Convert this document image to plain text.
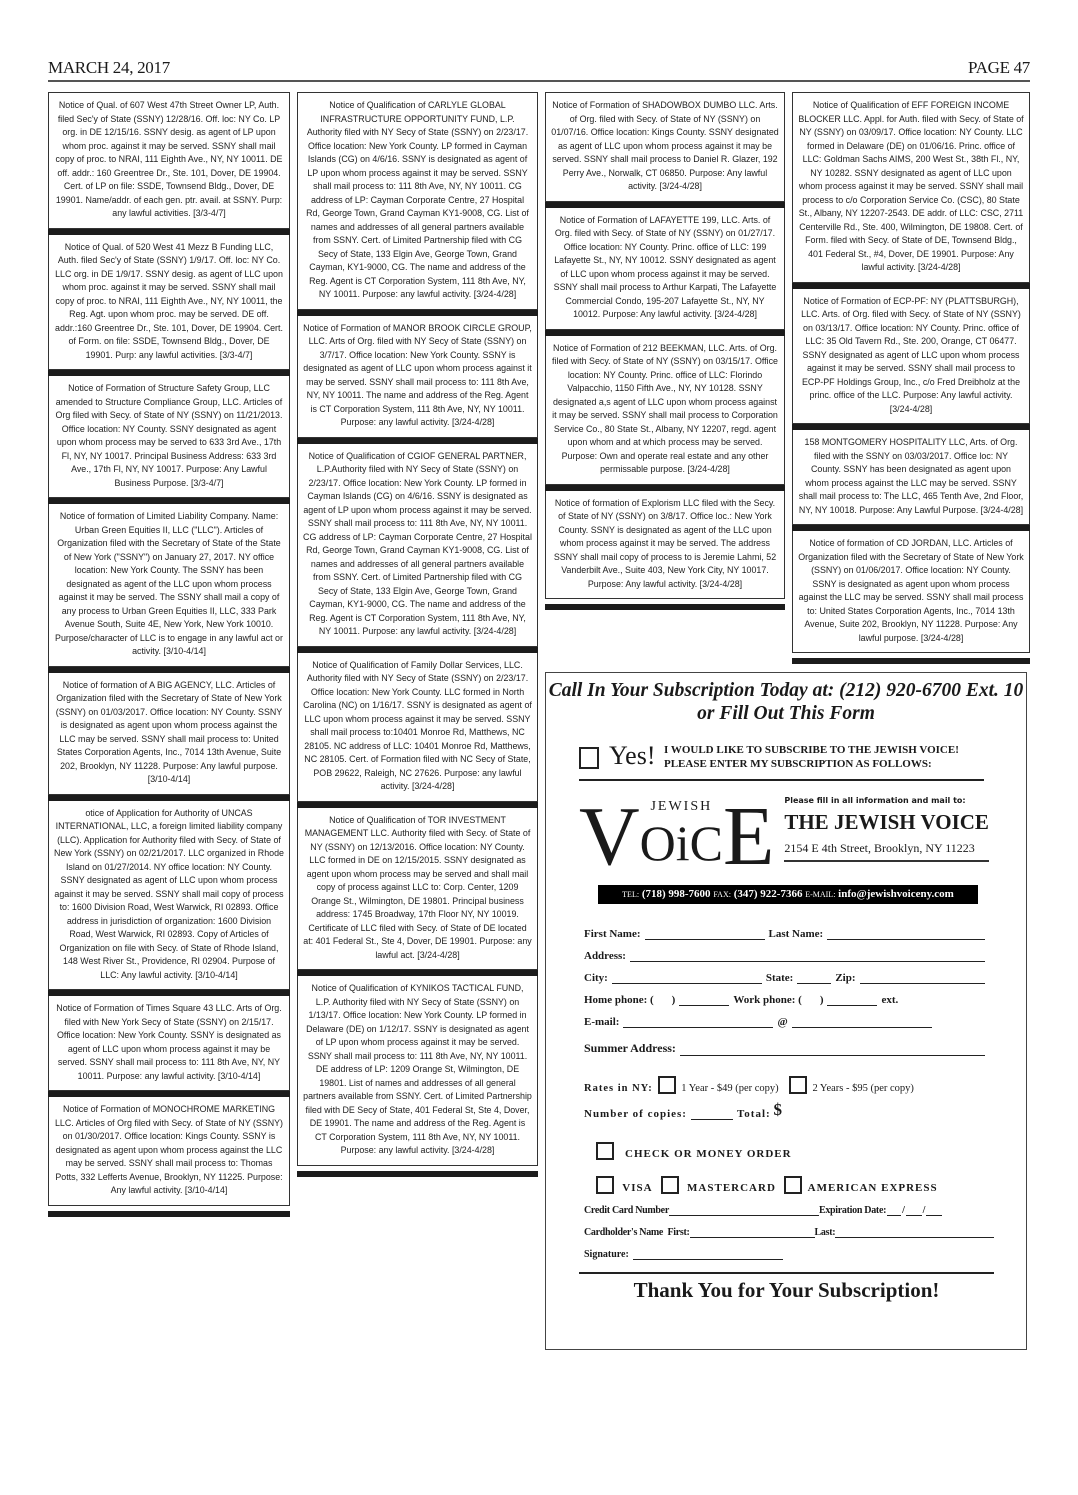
MARCH 24, 2017	PAGE 47
Notice of Qual. of 607 West 47th Street Owner LP, Auth. filed Sec'y of State (SSNY) 12/28/16. Off. loc: NY Co. LP org. in DE 12/15/16. SSNY desig. as agent of LP upon whom proc. against it may be served. SSNY shall mail copy of proc. to NRAI, 111 Eighth Ave., NY, NY 10011. DE off. addr.: 160 Greentree Dr., Ste. 101, Dover, DE 19904. Cert. of LP on file: SSDE, Townsend Bldg., Dover, DE 19901. Name/addr. of each gen. ptr. avail. at SSNY. Purp: any lawful activities. [3/3-4/7]
Notice of Qual. of 520 West 41 Mezz B Funding LLC, Auth. filed Sec'y of State (SSNY) 1/9/17. Off. loc: NY Co. LLC org. in DE 1/9/17. SSNY desig. as agent of LLC upon whom proc. against it may be served. SSNY shall mail copy of proc. to NRAI, 111 Eighth Ave., NY, NY 10011, the Reg. Agt. upon whom proc. may be served. DE off. addr.:160 Greentree Dr., Ste. 101, Dover, DE 19904. Cert. of Form. on file: SSDE, Townsend Bldg., Dover, DE 19901. Purp: any lawful activities. [3/3-4/7]
Notice of Formation of Structure Safety Group, LLC amended to Structure Compliance Group, LLC. Articles of Org filed with Secy. of State of NY (SSNY) on 11/21/2013. Office location: NY County. SSNY designated as agent upon whom process may be served to 633 3rd Ave., 17th Fl, NY, NY 10017. Principal Business Address: 633 3rd Ave., 17th Fl, NY, NY 10017. Purpose: Any Lawful Business Purpose. [3/3-4/7]
Notice of formation of Limited Liability Company. Name: Urban Green Equities II, LLC ("LLC"). Articles of Organization filed with the Secretary of State of the State of New York ("SSNY") on January 27, 2017. NY office location: New York County. The SSNY has been designated as agent of the LLC upon whom process against it may be served. The SSNY shall mail a copy of any process to Urban Green Equities II, LLC, 333 Park Avenue South, Suite 4E, New York, New York 10010. Purpose/character of LLC is to engage in any lawful act or activity. [3/10-4/14]
Notice of formation of A BIG AGENCY, LLC. Articles of Organization filed with the Secretary of State of New York (SSNY) on 01/03/2017. Office location: NY County. SSNY is designated as agent upon whom process against the LLC may be served. SSNY shall mail process to: United States Corporation Agents, Inc., 7014 13th Avenue, Suite 202, Brooklyn, NY 11228. Purpose: Any lawful purpose. [3/10-4/14]
otice of Application for Authority of UNCAS INTERNATIONAL, LLC, a foreign limited liability company (LLC). Application for Authority filed with Secy. of State of New York (SSNY) on 02/21/2017. LLC organized in Rhode Island on 01/27/2014. NY office location: NY County. SSNY designated as agent of LLC upon whom process against it may be served. SSNY shall mail copy of process to: 1600 Division Road, West Warwick, RI 02893. Office address in jurisdiction of organization: 1600 Division Road, West Warwick, RI 02893. Copy of Articles of Organization on file with Secy. of State of Rhode Island, 148 West River St., Providence, RI 02904. Purpose of LLC: Any lawful activity. [3/10-4/14]
Notice of Formation of Times Square 43 LLC. Arts of Org. filed with New York Secy of State (SSNY) on 2/15/17. Office location: New York County. SSNY is designated as agent of LLC upon whom process against it may be served. SSNY shall mail process to: 111 8th Ave, NY, NY 10011. Purpose: any lawful activity. [3/10-4/14]
Notice of Formation of MONOCHROME MARKETING LLC. Articles of Org filed with Secy. of State of NY (SSNY) on 01/30/2017. Office location: Kings County. SSNY is designated as agent upon whom process against the LLC may be served. SSNY shall mail process to: Thomas Potts, 332 Lefferts Avenue, Brooklyn, NY 11225. Purpose: Any lawful activity. [3/10-4/14]
Notice of Qualification of CARLYLE GLOBAL INFRASTRUCTURE OPPORTUNITY FUND, L.P. Authority filed with NY Secy of State (SSNY) on 2/23/17. Office location: New York County. LP formed in Cayman Islands (CG) on 4/6/16. SSNY is designated as agent of LP upon whom process against it may be served. SSNY shall mail process to: 111 8th Ave, NY, NY 10011. CG address of LP: Cayman Corporate Centre, 27 Hospital Rd, George Town, Grand Cayman KY1-9008, CG. List of names and addresses of all general partners available from SSNY. Cert. of Limited Partnership filed with CG Secy of State, 133 Elgin Ave, George Town, Grand Cayman, KY1-9000, CG. The name and address of the Reg. Agent is CT Corporation System, 111 8th Ave, NY, NY 10011. Purpose: any lawful activity. [3/24-4/28]
Notice of Formation of MANOR BROOK CIRCLE GROUP, LLC. Arts of Org. filed with NY Secy of State (SSNY) on 3/7/17. Office location: New York County. SSNY is designated as agent of LLC upon whom process against it may be served. SSNY shall mail process to: 111 8th Ave, NY, NY 10011. The name and address of the Reg. Agent is CT Corporation System, 111 8th Ave, NY, NY 10011. Purpose: any lawful activity. [3/24-4/28]
Notice of Qualification of CGIOF GENERAL PARTNER, L.P.Authority filed with NY Secy of State (SSNY) on 2/23/17. Office location: New York County. LP formed in Cayman Islands (CG) on 4/6/16. SSNY is designated as agent of LP upon whom process against it may be served. SSNY shall mail process to: 111 8th Ave, NY, NY 10011. CG address of LP: Cayman Corporate Centre, 27 Hospital Rd, George Town, Grand Cayman KY1-9008, CG. List of names and addresses of all general partners available from SSNY. Cert. of Limited Partnership filed with CG Secy of State, 133 Elgin Ave, George Town, Grand Cayman, KY1-9000, CG. The name and address of the Reg. Agent is CT Corporation System, 111 8th Ave, NY, NY 10011. Purpose: any lawful activity. [3/24-4/28]
Notice of Qualification of Family Dollar Services, LLC. Authority filed with NY Secy of State (SSNY) on 2/23/17. Office location: New York County. LLC formed in North Carolina (NC) on 1/16/17. SSNY is designated as agent of LLC upon whom process against it may be served. SSNY shall mail process to:10401 Monroe Rd, Matthews, NC 28105. NC address of LLC: 10401 Monroe Rd, Matthews, NC 28105. Cert. of Formation filed with NC Secy of State, POB 29622, Raleigh, NC 27626. Purpose: any lawful activity. [3/24-4/28]
Notice of Qualification of TOR INVESTMENT MANAGEMENT LLC. Authority filed with Secy. of State of NY (SSNY) on 12/13/2016. Office location: NY County. LLC formed in DE on 12/15/2015. SSNY designated as agent upon whom process may be served and shall mail copy of process against LLC to: Corp. Center, 1209 Orange St., Wilmington, DE 19801. Principal business address: 1745 Broadway, 17th Floor NY, NY 10019. Certificate of LLC filed with Secy. of State of DE located at: 401 Federal St., Ste 4, Dover, DE 19901. Purpose: any lawful act. [3/24-4/28]
Notice of Qualification of KYNIKOS TACTICAL FUND, L.P. Authority filed with NY Secy of State (SSNY) on 1/13/17. Office location: New York County. LP formed in Delaware (DE) on 1/12/17. SSNY is designated as agent of LP upon whom process against it may be served. SSNY shall mail process to: 111 8th Ave, NY, NY 10011. DE address of LP: 1209 Orange St, Wilmington, DE 19801. List of names and addresses of all general partners available from SSNY. Cert. of Limited Partnership filed with DE Secy of State, 401 Federal St, Ste 4, Dover, DE 19901. The name and address of the Reg. Agent is CT Corporation System, 111 8th Ave, NY, NY 10011. Purpose: any lawful activity. [3/24-4/28]
Notice of Formation of SHADOWBOX DUMBO LLC. Arts. of Org. filed with Secy. of State of NY (SSNY) on 01/07/16. Office location: Kings County. SSNY designated as agent of LLC upon whom process against it may be served. SSNY shall mail process to Daniel R. Glazer, 192 Perry Ave., Norwalk, CT 06850. Purpose: Any lawful activity. [3/24-4/28]
Notice of Formation of LAFAYETTE 199, LLC. Arts. of Org. filed with Secy. of State of NY (SSNY) on 01/27/17. Office location: NY County. Princ. office of LLC: 199 Lafayette St., NY, NY 10012. SSNY designated as agent of LLC upon whom process against it may be served. SSNY shall mail process to Arthur Karpati, The Lafayette Commercial Condo, 195-207 Lafayette St., NY, NY 10012. Purpose: Any lawful activity. [3/24-4/28]
Notice of Formation of 212 BEEKMAN, LLC. Arts. of Org. filed with Secy. of State of NY (SSNY) on 03/15/17. Office location: NY County. Princ. office of LLC: Florindo Valpacchio, 1150 Fifth Ave., NY, NY 10128. SSNY designated a,s agent of LLC upon whom process against it may be served. SSNY shall mail process to Corporation Service Co., 80 State St., Albany, NY 12207, regd. agent upon whom and at which process may be served. Purpose: Own and operate real estate and any other permissable purpose. [3/24-4/28]
Notice of formation of Explorism LLC filed with the Secy. of State of NY (SSNY) on 3/8/17. Office loc.: New York County. SSNY is designated as agent of the LLC upon whom process against it may be served. The address SSNY shall mail copy of process to is Jeremie Lahmi, 52 Vanderbilt Ave., Suite 403, New York City, NY 10017. Purpose: Any lawful activity. [3/24-4/28]
Notice of Qualification of EFF FOREIGN INCOME BLOCKER LLC. Appl. for Auth. filed with Secy. of State of NY (SSNY) on 03/09/17. Office location: NY County. LLC formed in Delaware (DE) on 01/06/16. Princ. office of LLC: Goldman Sachs AIMS, 200 West St., 38th Fl., NY, NY 10282. SSNY designated as agent of LLC upon whom process against it may be served. SSNY shall mail process to c/o Corporation Service Co. (CSC), 80 State St., Albany, NY 12207-2543. DE addr. of LLC: CSC, 2711 Centerville Rd., Ste. 400, Wilmington, DE 19808. Cert. of Form. filed with Secy. of State of DE, Townsend Bldg., 401 Federal St., #4, Dover, DE 19901. Purpose: Any lawful activity. [3/24-4/28]
Notice of Formation of ECP-PF: NY (PLATTSBURGH), LLC. Arts. of Org. filed with Secy. of State of NY (SSNY) on 03/13/17. Office location: NY County. Princ. office of LLC: 35 Old Tavern Rd., Ste. 200, Orange, CT 06477. SSNY designated as agent of LLC upon whom process against it may be served. SSNY shall mail process to ECP-PF Holdings Group, Inc., c/o Fred Dreibholz at the princ. office of the LLC. Purpose: Any lawful activity. [3/24-4/28]
158 MONTGOMERY HOSPITALITY LLC, Arts. of Org. filed with the SSNY on 03/03/2017. Office loc: NY County. SSNY has been designated as agent upon whom process against the LLC may be served. SSNY shall mail process to: The LLC, 465 Tenth Ave, 2nd Floor, NY, NY 10018. Purpose: Any Lawful Purpose. [3/24-4/28]
Notice of formation of CD JORDAN, LLC. Articles of Organization filed with the Secretary of State of New York (SSNY) on 01/06/2017. Office location: NY County. SSNY is designated as agent upon whom process against the LLC may be served. SSNY shall mail process to: United States Corporation Agents, Inc., 7014 13th Avenue, Suite 202, Brooklyn, NY 11228. Purpose: Any lawful purpose. [3/24-4/28]
Call In Your Subscription Today at: (212) 920-6700 Ext. 10
or Fill Out This Form
Yes! I WOULD LIKE TO SUBSCRIBE TO THE JEWISH VOICE!
PLEASE ENTER MY SUBSCRIPTION AS FOLLOWS:
V JEWISH
OiC E Please fill in all information and mail to:
THE JEWISH VOICE
2154 E 4th Street, Brooklyn, NY 11223
TEL: (718) 998-7600 FAX: (347) 922-7366 E-MAIL: info@jewishvoiceny.com
First Name:	Last Name:
Address:
City:	State:	Zip:
Home phone: ( )	Work phone: ( )	ext.
E-mail:	@
Summer Address:
Rates in NY:

	1 Year - $49 (per copy)

	2 Years - $95 (per copy)
Number of copies:	Total:
$

CHECK OR MONEY ORDER

VISA

	MASTERCARD

	AMERICAN EXPRESS
Credit Card Number	Expiration Date: / /
Cardholder's Name
First:	Last:
Signature:
Thank You for Your Subscription!
